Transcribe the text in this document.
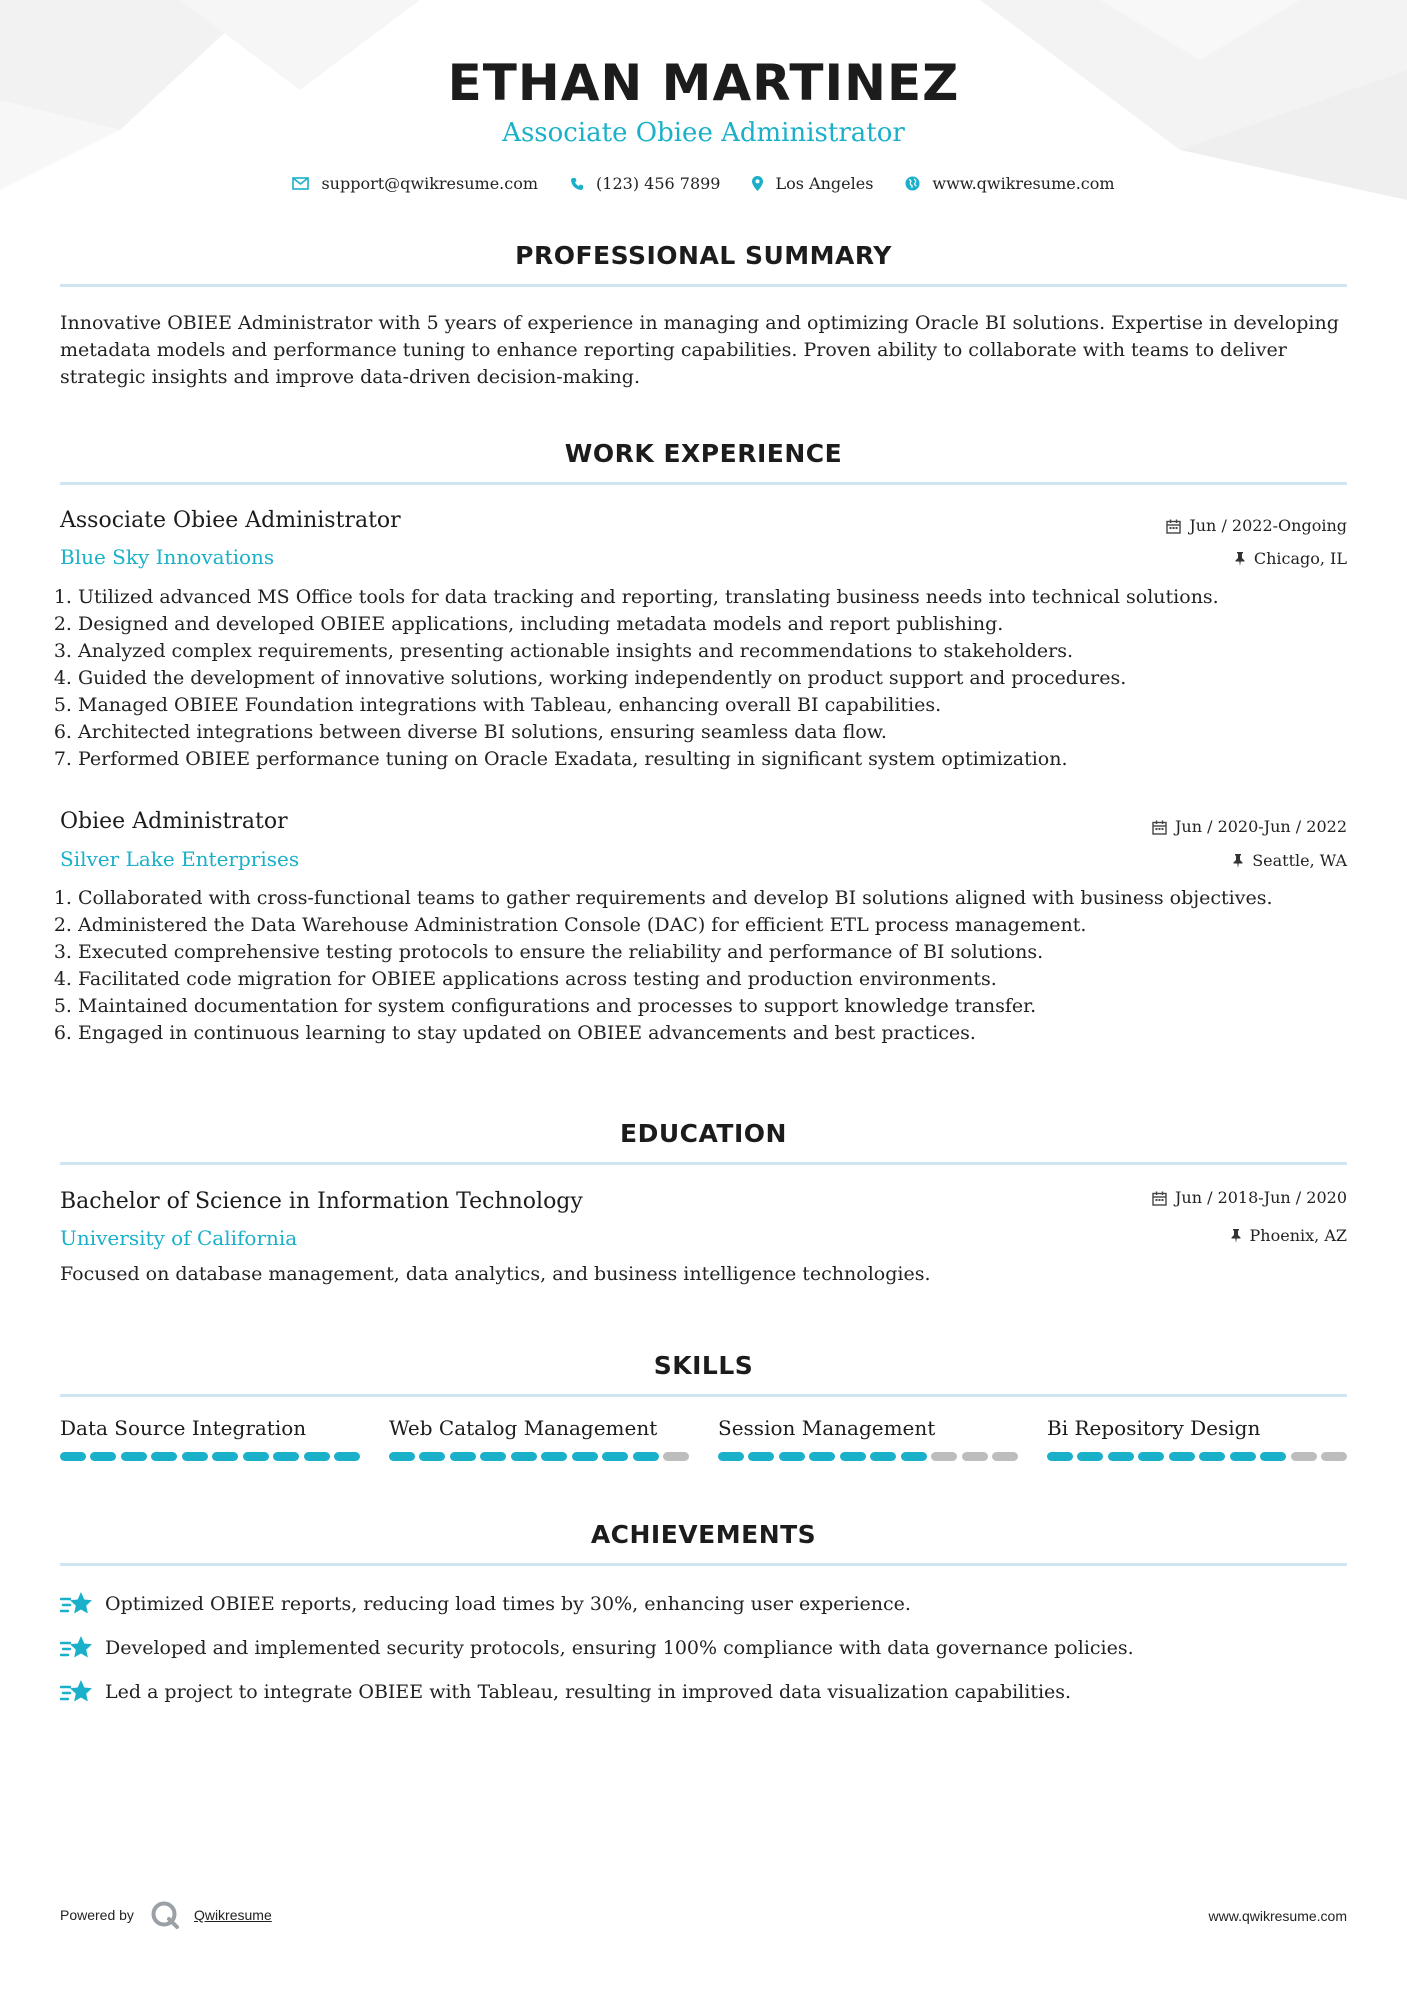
ETHAN MARTINEZ
Associate Obiee Administrator
support@qwikresume.com	(123) 456 7899	Los Angeles	www.qwikresume.com
PROFESSIONAL SUMMARY
Innovative OBIEE Administrator with 5 years of experience in managing and optimizing Oracle BI solutions. Expertise in developing metadata models and performance tuning to enhance reporting capabilities. Proven ability to collaborate with teams to deliver strategic insights and improve data-driven decision-making.
WORK EXPERIENCE
Associate Obiee Administrator	Jun / 2022-Ongoing
Blue Sky Innovations	Chicago, IL
1. Utilized advanced MS Office tools for data tracking and reporting, translating business needs into technical solutions.
2. Designed and developed OBIEE applications, including metadata models and report publishing.
3. Analyzed complex requirements, presenting actionable insights and recommendations to stakeholders.
4. Guided the development of innovative solutions, working independently on product support and procedures.
5. Managed OBIEE Foundation integrations with Tableau, enhancing overall BI capabilities.
6. Architected integrations between diverse BI solutions, ensuring seamless data flow.
7. Performed OBIEE performance tuning on Oracle Exadata, resulting in significant system optimization.
Obiee Administrator	Jun / 2020-Jun / 2022
Silver Lake Enterprises	Seattle, WA
1. Collaborated with cross-functional teams to gather requirements and develop BI solutions aligned with business objectives.
2. Administered the Data Warehouse Administration Console (DAC) for efficient ETL process management.
3. Executed comprehensive testing protocols to ensure the reliability and performance of BI solutions.
4. Facilitated code migration for OBIEE applications across testing and production environments.
5. Maintained documentation for system configurations and processes to support knowledge transfer.
6. Engaged in continuous learning to stay updated on OBIEE advancements and best practices.
EDUCATION
Bachelor of Science in Information Technology	Jun / 2018-Jun / 2020
University of California	Phoenix, AZ
Focused on database management, data analytics, and business intelligence technologies.
SKILLS
Data Source Integration	Web Catalog Management	Session Management	Bi Repository Design
ACHIEVEMENTS
Optimized OBIEE reports, reducing load times by 30%, enhancing user experience.
Developed and implemented security protocols, ensuring 100% compliance with data governance policies.
Led a project to integrate OBIEE with Tableau, resulting in improved data visualization capabilities.
Powered by	Qwikresume	www.qwikresume.com
